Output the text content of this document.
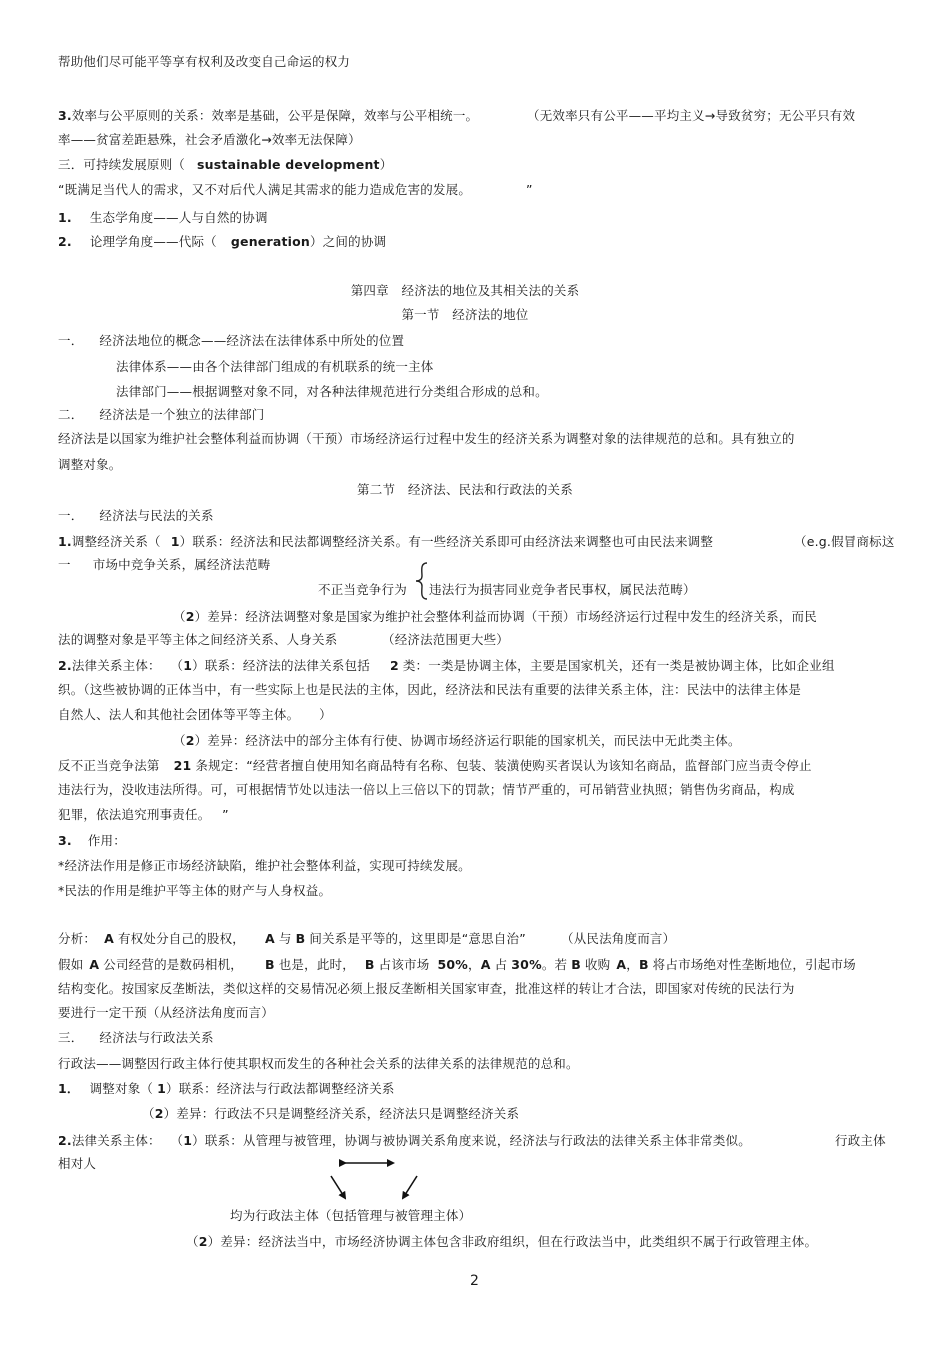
帮助他们尽可能平等享有权利及改变自己命运的权力
3.效率与公平原则的关系：效率是基础，公平是保障，效率与公平相统一。	（无效率只有公平——平均主义→导致贫穷；无公平只有效
率——贫富差距悬殊，社会矛盾激化→效率无法保障）
三．可持续发展原则（ sustainable development）
“既满足当代人的需求，又不对后代人满足其需求的能力造成危害的发展。	”
1. 生态学角度——人与自然的协调
2. 论理学角度——代际（ generation）之间的协调
第四章　经济法的地位及其相关法的关系
第一节　经济法的地位
一． 经济法地位的概念——经济法在法律体系中所处的位置
法律体系——由各个法律部门组成的有机联系的统一主体
法律部门——根据调整对象不同，对各种法律规范进行分类组合形成的总和。
二． 经济法是一个独立的法律部门
经济法是以国家为维护社会整体利益而协调（干预）市场经济运行过程中发生的经济关系为调整对象的法律规范的总和。具有独立的
调整对象。
第二节　经济法、民法和行政法的关系
一． 经济法与民法的关系
1.调整经济关系（ 1）联系：经济法和民法都调整经济关系。有一些经济关系即可由经济法来调整也可由民法来调整	（e.g.假冒商标这
一 市场中竞争关系，属经济法范畴
不正当竞争行为 违法行为损害同业竞争者民事权，属民法范畴）
（2）差异：经济法调整对象是国家为维护社会整体利益而协调（干预）市场经济运行过程中发生的经济关系，而民
法的调整对象是平等主体之间经济关系、人身关系	（经济法范围更大些）
2.法律关系主体： （1）联系：经济法的法律关系包括 2 类：一类是协调主体，主要是国家机关，还有一类是被协调主体，比如企业组
织。（这些被协调的正体当中，有一些实际上也是民法的主体，因此，经济法和民法有重要的法律关系主体，注：民法中的法律主体是
自然人、法人和其他社会团体等平等主体。 ）
（2）差异：经济法中的部分主体有行使、协调市场经济运行职能的国家机关，而民法中无此类主体。
反不正当竞争法第 21 条规定：“经营者擅自使用知名商品特有名称、包装、装潢使购买者误认为该知名商品，监督部门应当责令停止
违法行为，没收违法所得。可，可根据情节处以违法一倍以上三倍以下的罚款；情节严重的，可吊销营业执照；销售伪劣商品，构成
犯罪，依法追究刑事责任。 ”
3. 作用：
*经济法作用是修正市场经济缺陷，维护社会整体利益，实现可持续发展。
*民法的作用是维护平等主体的财产与人身权益。
分析： A 有权处分自己的股权， A 与 B 间关系是平等的，这里即是“意思自治”	（从民法角度而言）
假如 A 公司经营的是数码相机， B 也是，此时， B 占该市场 50%，A 占 30%。若 B 收购 A，B 将占市场绝对性垄断地位，引起市场
结构变化。按国家反垄断法，类似这样的交易情况必须上报反垄断相关国家审查，批准这样的转让才合法，即国家对传统的民法行为
要进行一定干预（从经济法角度而言）
三． 经济法与行政法关系
行政法——调整因行政主体行使其职权而发生的各种社会关系的法律关系的法律规范的总和。
1． 调整对象（ 1）联系：经济法与行政法都调整经济关系
（2）差异：行政法不只是调整经济关系，经济法只是调整经济关系
2.法律关系主体： （1）联系：从管理与被管理，协调与被协调关系角度来说，经济法与行政法的法律关系主体非常类似。	行政主体
相对人
均为行政法主体（包括管理与被管理主体）
（2）差异：经济法当中，市场经济协调主体包含非政府组织，但在行政法当中，此类组织不属于行政管理主体。
2
